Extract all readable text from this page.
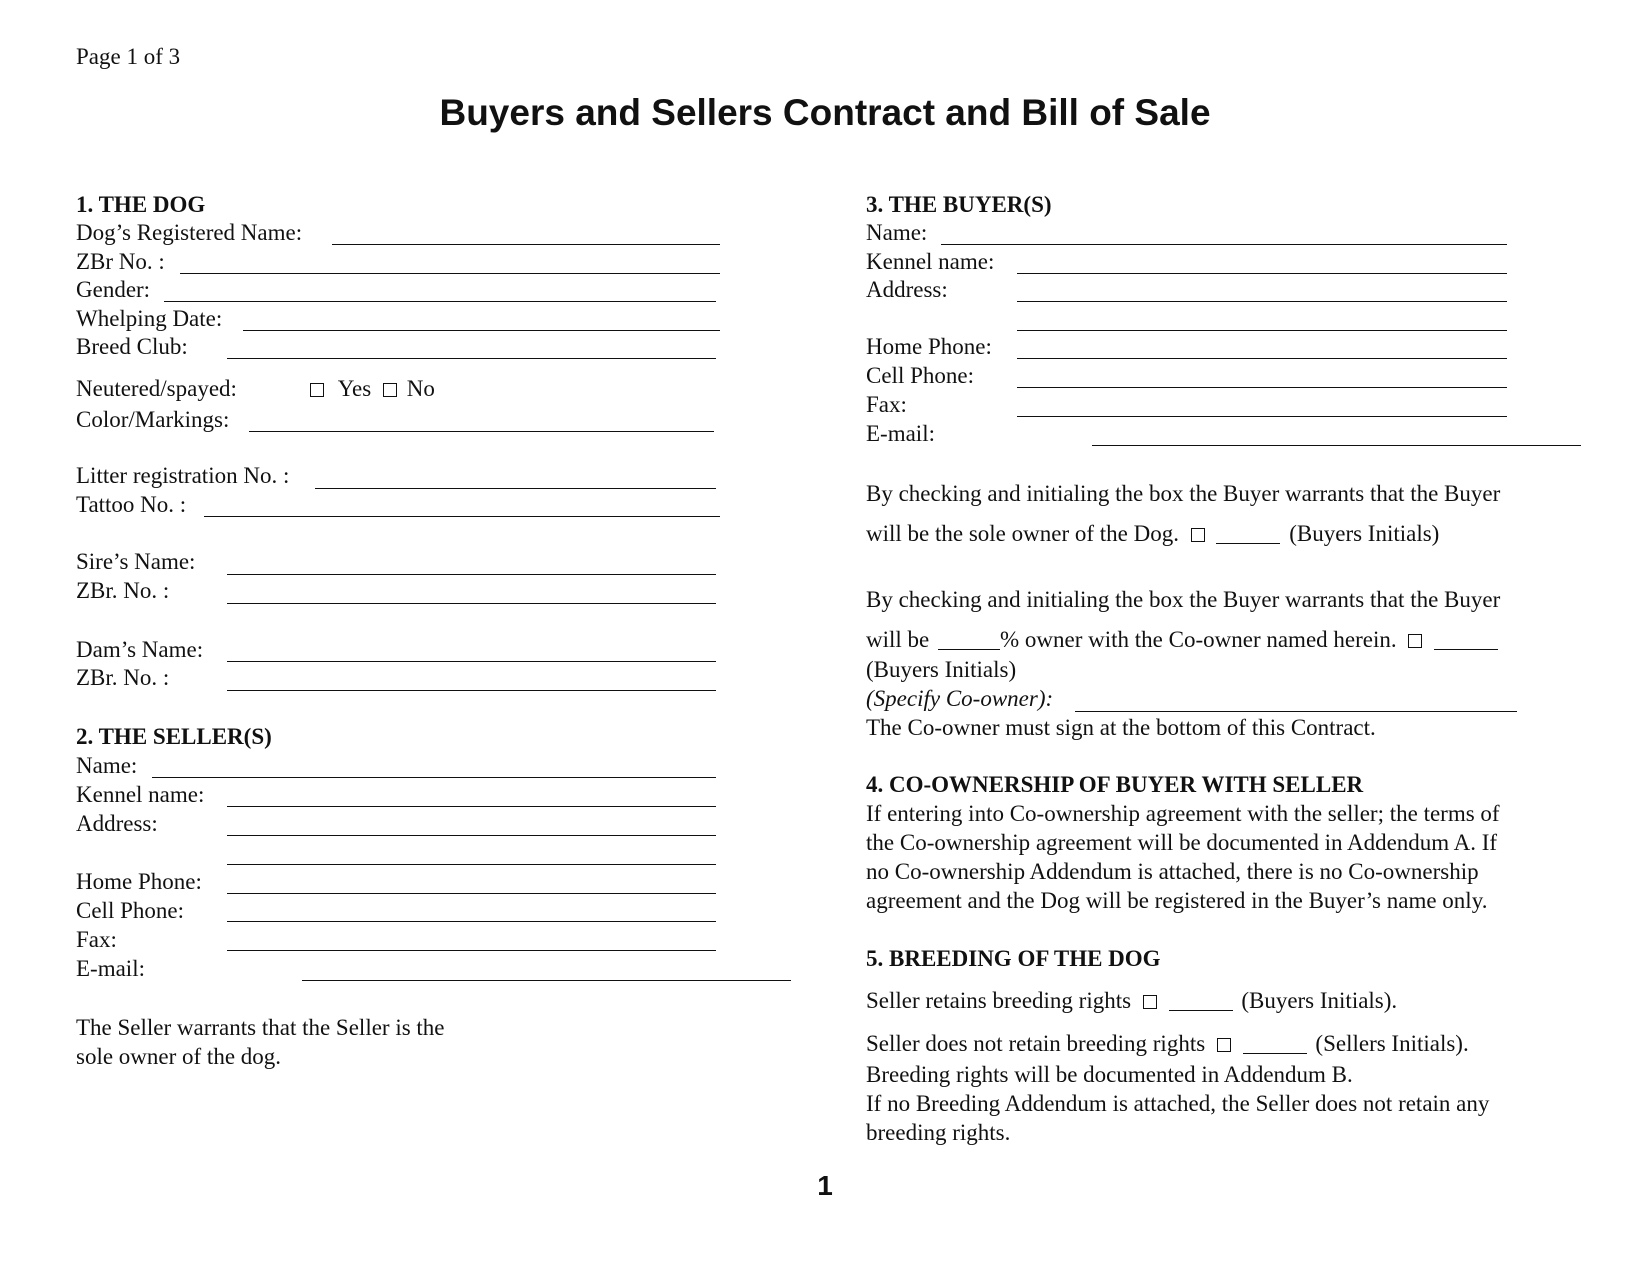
Page 1 of 3
Buyers and Sellers Contract and Bill of Sale
1. THE DOG
Dog’s Registered Name:
ZBr No. :
Gender:
Whelping Date:
Breed Club:
Neutered/spayed:	Yes No
Color/Markings:
Litter registration No. :
Tattoo No. :
Sire’s Name:
ZBr. No. :
Dam’s Name:
ZBr. No. :
2. THE SELLER(S)
Name:
Kennel name:
Address:
Home Phone:
Cell Phone:
Fax:
E-mail:
The Seller warrants that the Seller is the
sole owner of the dog.
3. THE BUYER(S)
Name:
Kennel name:
Address:
Home Phone:
Cell Phone:
Fax:
E-mail:
By checking and initialing the box the Buyer warrants that the Buyer
will be the sole owner of the Dog.	(Buyers Initials)
By checking and initialing the box the Buyer warrants that the Buyer
will be	% owner with the Co-owner named herein.
(Buyers Initials)
(Specify Co-owner):
The Co-owner must sign at the bottom of this Contract.
4. CO-OWNERSHIP OF BUYER WITH SELLER
If entering into Co-ownership agreement with the seller; the terms of
the Co-ownership agreement will be documented in Addendum A. If
no Co-ownership Addendum is attached, there is no Co-ownership
agreement and the Dog will be registered in the Buyer’s name only.
5. BREEDING OF THE DOG
Seller retains breeding rights	(Buyers Initials).
Seller does not retain breeding rights	(Sellers Initials).
Breeding rights will be documented in Addendum B.
If no Breeding Addendum is attached, the Seller does not retain any
breeding rights.
1
